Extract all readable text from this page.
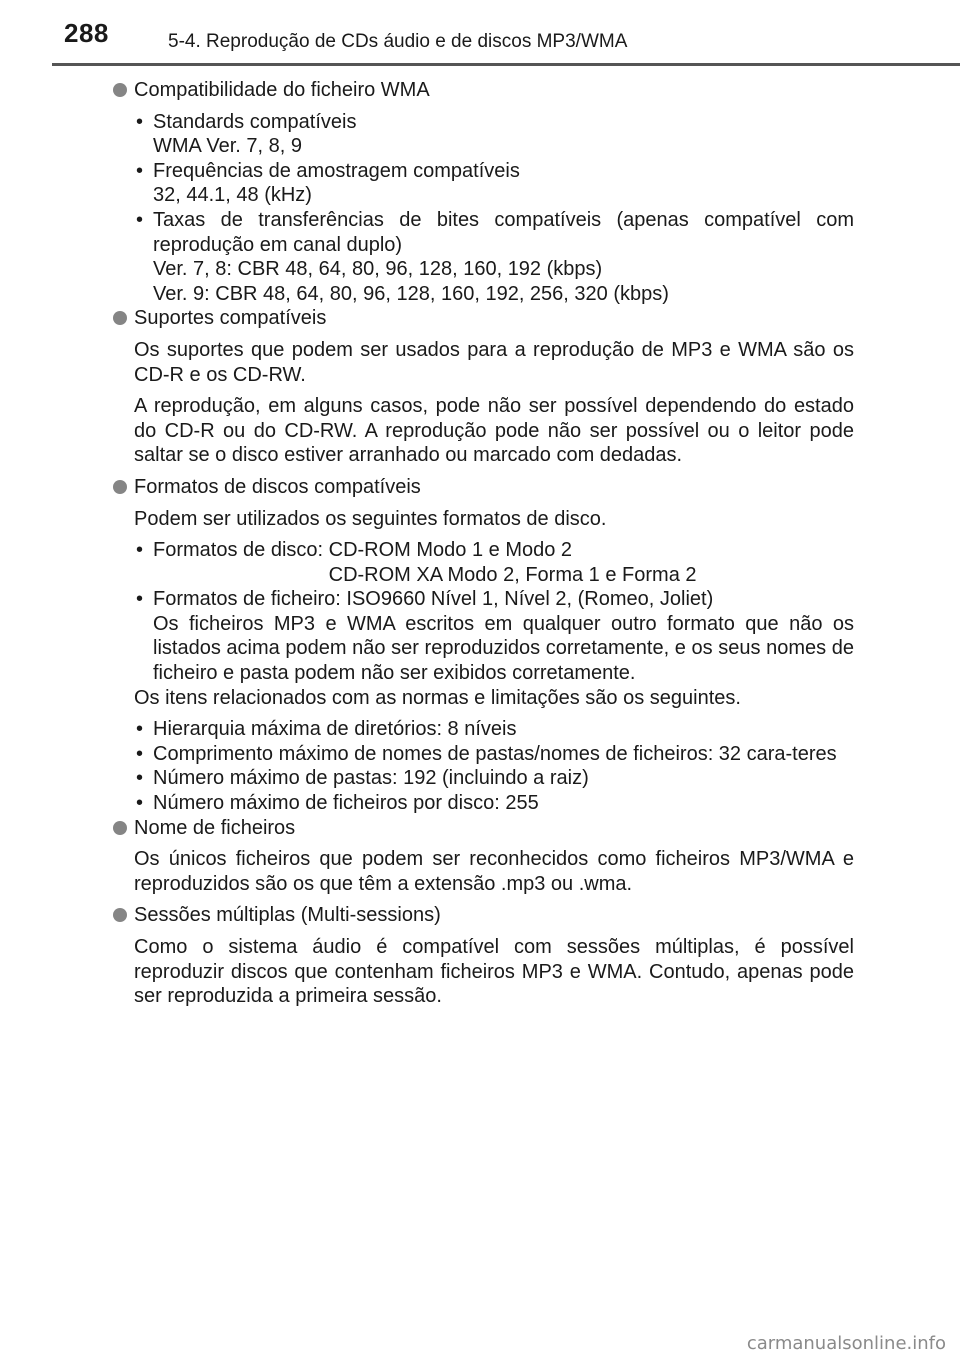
288	5-4. Reprodução de CDs áudio e de discos MP3/WMA
Compatibilidade do ficheiro WMA
• Standards compatíveis
WMA Ver. 7, 8, 9
• Frequências de amostragem compatíveis
32, 44.1, 48 (kHz)
• Taxas de transferências de bites compatíveis (apenas compatível com reprodução em canal duplo)
Ver. 7, 8: CBR 48, 64, 80, 96, 128, 160, 192 (kbps)
Ver. 9: CBR 48, 64, 80, 96, 128, 160, 192, 256, 320 (kbps)
Suportes compatíveis
Os suportes que podem ser usados para a reprodução de MP3 e WMA são os CD-R e os CD-RW.
A reprodução, em alguns casos, pode não ser possível dependendo do estado do CD-R ou do CD-RW. A reprodução pode não ser possível ou o leitor pode saltar se o disco estiver arranhado ou marcado com dedadas.
Formatos de discos compatíveis
Podem ser utilizados os seguintes formatos de disco.
• Formatos de disco: CD-ROM Modo 1 e Modo 2
CD-ROM XA Modo 2, Forma 1 e Forma 2
• Formatos de ficheiro: ISO9660 Nível 1, Nível 2, (Romeo, Joliet)
Os ficheiros MP3 e WMA escritos em qualquer outro formato que não os listados acima podem não ser reproduzidos corretamente, e os seus nomes de ficheiro e pasta podem não ser exibidos corretamente.
Os itens relacionados com as normas e limitações são os seguintes.
• Hierarquia máxima de diretórios: 8 níveis
• Comprimento máximo de nomes de pastas/nomes de ficheiros: 32 cara-teres
• Número máximo de pastas: 192 (incluindo a raiz)
• Número máximo de ficheiros por disco: 255
Nome de ficheiros
Os únicos ficheiros que podem ser reconhecidos como ficheiros MP3/WMA e reproduzidos são os que têm a extensão .mp3 ou .wma.
Sessões múltiplas (Multi-sessions)
Como o sistema áudio é compatível com sessões múltiplas, é possível reproduzir discos que contenham ficheiros MP3 e WMA. Contudo, apenas pode ser reproduzida a primeira sessão.
carmanualsonline.info
